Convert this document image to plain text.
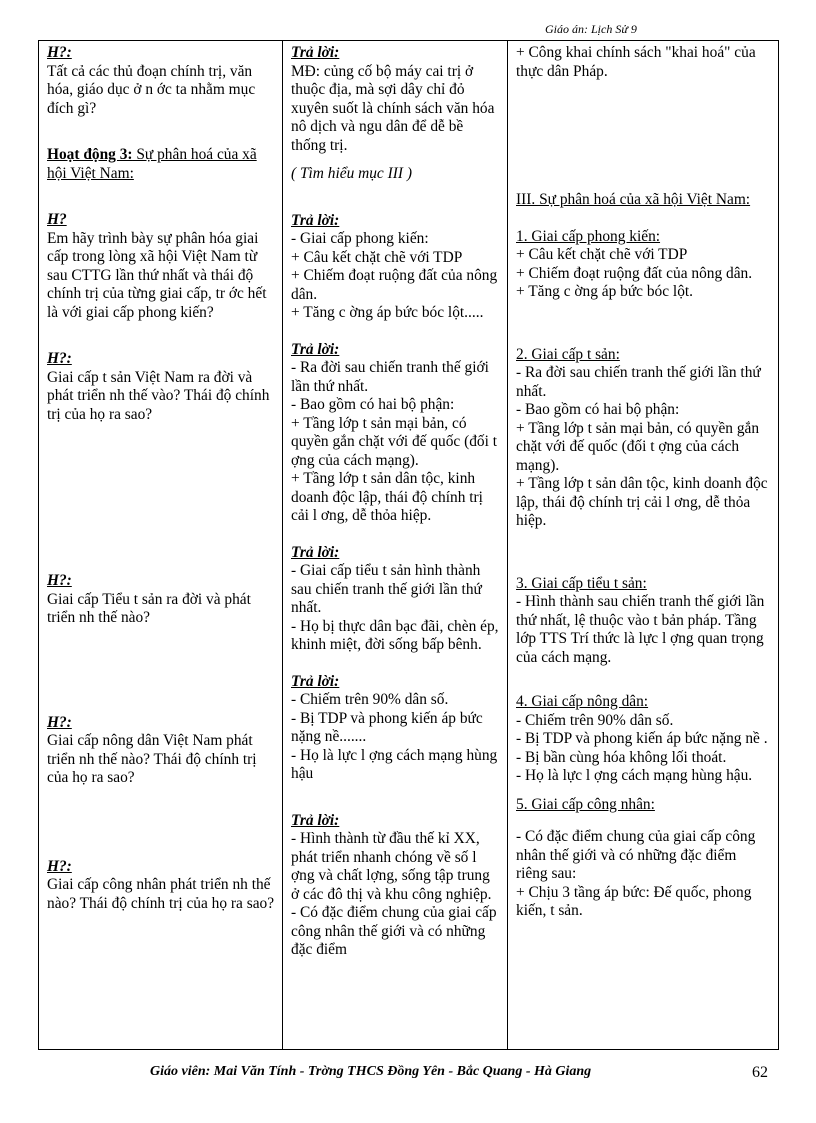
Giáo án: Lịch Sử 9
H?:
Tất cả các thủ đoạn chính trị, văn hóa, giáo dục ở n ớc ta nhằm mục đích gì?
Hoạt động 3: Sự phân hoá của xã hội Việt Nam:
H?
Em hãy trình bày sự phân hóa giai cấp trong lòng xã hội Việt Nam từ sau CTTG lần thứ nhất và thái độ chính trị của từng giai cấp, tr ớc hết là với giai cấp phong kiến?
H?:
Giai cấp t sản Việt Nam ra đời và phát triển nh thế vào? Thái độ chính trị của họ ra sao?
H?:
Giai cấp Tiểu t sản ra đời và phát triển nh thế nào?
H?:
Giai cấp nông dân Việt Nam phát triển nh thế nào? Thái độ chính trị của họ ra sao?
H?:
Giai cấp công nhân phát triển nh thế nào? Thái độ chính trị của họ ra sao?

Trả lời:
MĐ: củng cố bộ máy cai trị ở thuộc địa, mà sợi dây chỉ đỏ xuyên suốt là chính sách văn hóa nô dịch và ngu dân để dễ bề thống trị.
( Tìm hiểu mục III )
Trả lời:
- Giai cấp phong kiến:
+ Câu kết chặt chẽ với TDP
+ Chiếm đoạt ruộng đất của nông dân.
+ Tăng c ờng áp bức bóc lột.....
Trả lời:
- Ra đời sau chiến tranh thế giới lần thứ nhất.
- Bao gồm có hai bộ phận:
+ Tầng lớp t sản mại bản, có quyền gắn chặt với đế quốc (đối t ợng của cách mạng).
+ Tầng lớp t sản dân tộc, kinh doanh độc lập, thái độ chính trị cải l ơng, dễ thỏa hiệp.
Trả lời:
- Giai cấp tiểu t sản hình thành sau chiến tranh thế giới lần thứ nhất.
- Họ bị thực dân bạc đãi, chèn ép, khinh miệt, đời sống bấp bênh.
Trả lời:
- Chiếm trên 90% dân số.
- Bị TDP và phong kiến áp bức nặng nề.......
- Họ là lực l ợng cách mạng hùng hậu
Trả lời:
- Hình thành từ đầu thế kỉ XX, phát triển nhanh chóng về số l ợng và chất lợng, sống tập trung ở các đô thị và khu công nghiệp.
- Có đặc điểm chung của giai cấp công nhân thế giới và có những đặc điểm

+ Công khai chính sách "khai hoá" của thực dân Pháp.
III. Sự phân hoá của xã hội Việt Nam:
1. Giai cấp phong kiến:
+ Câu kết chặt chẽ với TDP
+ Chiếm đoạt ruộng đất của nông dân.
+ Tăng c ờng áp bức bóc lột.
2. Giai cấp t sản:
- Ra đời sau chiến tranh thế giới lần thứ nhất.
- Bao gồm có hai bộ phận:
+ Tầng lớp t sản mại bản, có quyền gắn chặt với đế quốc (đối t ợng của cách mạng).
+ Tầng lớp t sản dân tộc, kinh doanh độc lập, thái độ chính trị cải l ơng, dễ thỏa hiệp.
3. Giai cấp tiểu t sản:
- Hình thành sau chiến tranh thế giới lần thứ nhất, lệ thuộc vào t bản pháp. Tầng lớp TTS Trí thức là lực l ợng quan trọng của cách mạng.
4. Giai cấp nông dân:
- Chiếm trên 90% dân số.
- Bị TDP và phong kiến áp bức nặng nề .
- Bị bần cùng hóa không lối thoát.
- Họ là lực l ợng cách mạng hùng hậu.
5. Giai cấp công nhân:
- Có đặc điểm chung của giai cấp công nhân thế giới và có những đặc điểm riêng sau:
+ Chịu 3 tầng áp bức: Đế quốc, phong kiến, t sản.
Giáo viên: Mai Văn Tính - Trờng THCS Đồng Yên - Bắc Quang - Hà Giang	62
